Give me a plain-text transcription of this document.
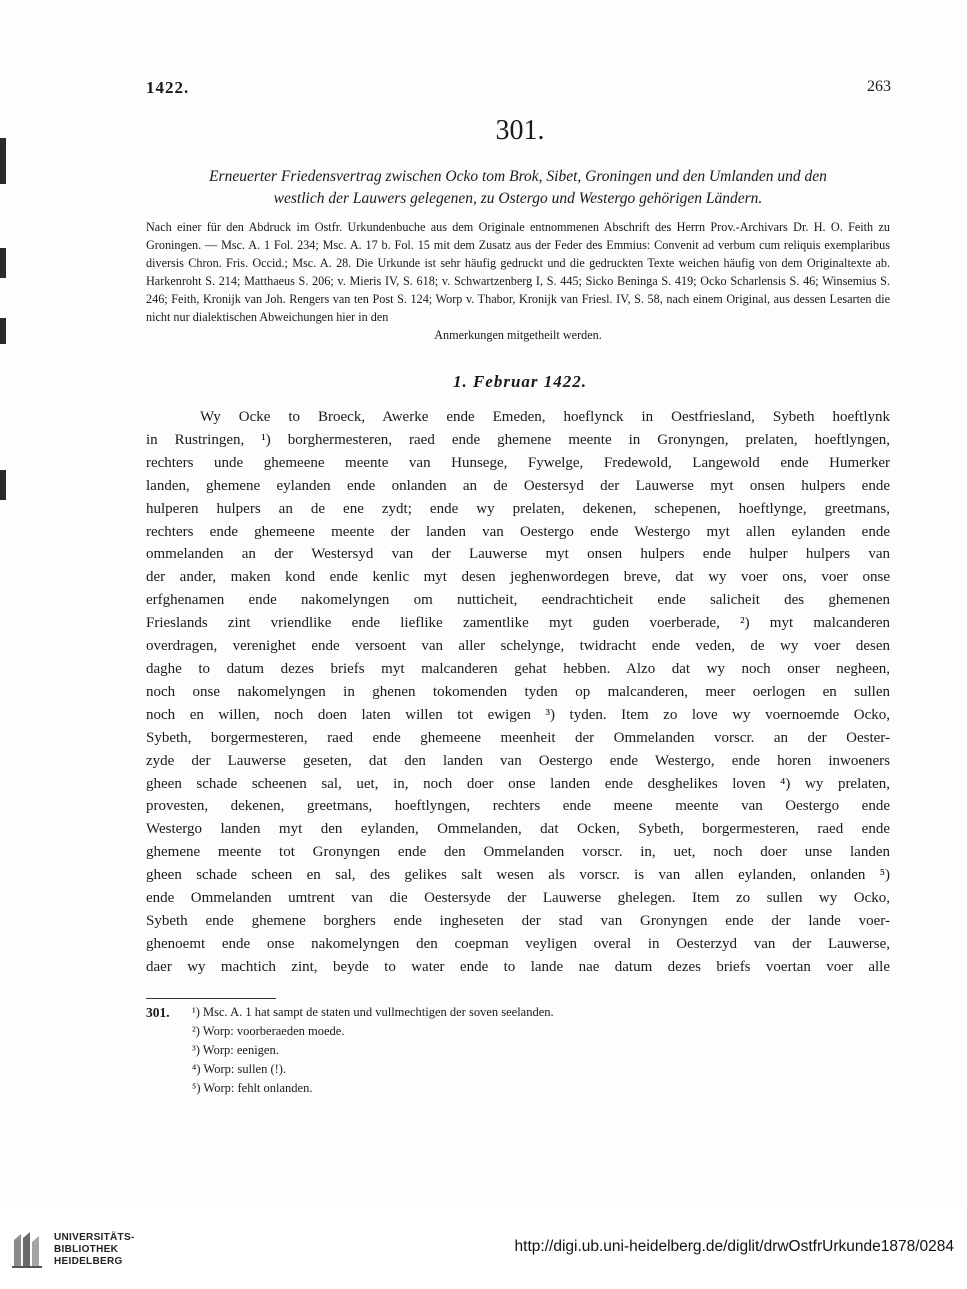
1422.	263
301.
Erneuerter Friedensvertrag zwischen Ocko tom Brok, Sibet, Groningen und den Umlanden und den
westlich der Lauwers gelegenen, zu Ostergo und Westergo gehörigen Ländern.
Nach einer für den Abdruck im Ostfr. Urkundenbuche aus dem Originale entnommenen Abschrift des Herrn Prov.-Archivars Dr. H. O. Feith zu Groningen. — Msc. A. 1 Fol. 234; Msc. A. 17 b. Fol. 15 mit dem Zusatz aus der Feder des Emmius: Convenit ad verbum cum reliquis exemplaribus diversis Chron. Fris. Occid.; Msc. A. 28. Die Urkunde ist sehr häufig gedruckt und die gedruckten Texte weichen häufig von dem Originaltexte ab. Harkenroht S. 214; Matthaeus S. 206; v. Mieris IV, S. 618; v. Schwartzenberg I, S. 445; Sicko Beninga S. 419; Ocko Scharlensis S. 46; Winsemius S. 246; Feith, Kronijk van Joh. Rengers van ten Post S. 124; Worp v. Thabor, Kronijk van Friesl. IV, S. 58, nach einem Original, aus dessen Lesarten die nicht nur dialektischen Abweichungen hier in den
Anmerkungen mitgetheilt werden.
1. Februar 1422.
Wy Ocke to Broeck, Awerke ende Emeden, hoeflynck in Oestfriesland, Sybeth hoeftlynk
in Rustringen, ¹) borghermesteren, raed ende ghemene meente in Gronyngen, prelaten, hoeftlyngen,
rechters unde ghemeene meente van Hunsege, Fywelge, Fredewold, Langewold ende Humerker
landen, ghemene eylanden ende onlanden an de Oestersyd der Lauwerse myt onsen hulpers ende
hulperen hulpers an de ene zydt; ende wy prelaten, dekenen, schepenen, hoeftlynge, greetmans,
rechters ende ghemeene meente der landen van Oestergo ende Westergo myt allen eylanden ende
ommelanden an der Westersyd van der Lauwerse myt onsen hulpers ende hulper hulpers van
der ander, maken kond ende kenlic myt desen jeghenwordegen breve, dat wy voer ons, voer onse
erfghenamen ende nakomelyngen om nutticheit, eendrachticheit ende salicheit des ghemenen
Frieslands zint vriendlike ende lieflike zamentlike myt guden voerberade, ²) myt malcanderen
overdragen, verenighet ende versoent van aller schelynge, twidracht ende veden, de wy voer desen
daghe to datum dezes briefs myt malcanderen gehat hebben. Alzo dat wy noch onser negheen,
noch onse nakomelyngen in ghenen tokomenden tyden op malcanderen, meer oerlogen en sullen
noch en willen, noch doen laten willen tot ewigen ³) tyden. Item zo love wy voernoemde Ocko,
Sybeth, borgermesteren, raed ende ghemeene meenheit der Ommelanden vorscr. an der Oester-
zyde der Lauwerse geseten, dat den landen van Oestergo ende Westergo, ende horen inwoeners
gheen schade scheenen sal, uet, in, noch doer onse landen ende desghelikes loven ⁴) wy prelaten,
provesten, dekenen, greetmans, hoeftlyngen, rechters ende meene meente van Oestergo ende
Westergo landen myt den eylanden, Ommelanden, dat Ocken, Sybeth, borgermesteren, raed ende
ghemene meente tot Gronyngen ende den Ommelanden vorscr. in, uet, noch doer unse landen
gheen schade scheen en sal, des gelikes salt wesen als vorscr. is van allen eylanden, onlanden ⁵)
ende Ommelanden umtrent van die Oestersyde der Lauwerse ghelegen. Item zo sullen wy Ocko,
Sybeth ende ghemene borghers ende ingheseten der stad van Gronyngen ende der lande voer-
ghenoemt ende onse nakomelyngen den coepman veyligen overal in Oesterzyd van der Lauwerse,
daer wy machtich zint, beyde to water ende to lande nae datum dezes briefs voertan voer alle
301. ¹) Msc. A. 1 hat sampt de staten und vullmechtigen der soven seelanden.
²) Worp: voorberaeden moede.
³) Worp: eenigen.
⁴) Worp: sullen (!).
⁵) Worp: fehlt onlanden.
UNIVERSITÄTS-
BIBLIOTHEK
HEIDELBERG
http://digi.ub.uni-heidelberg.de/diglit/drwOstfrUrkunde1878/0284
